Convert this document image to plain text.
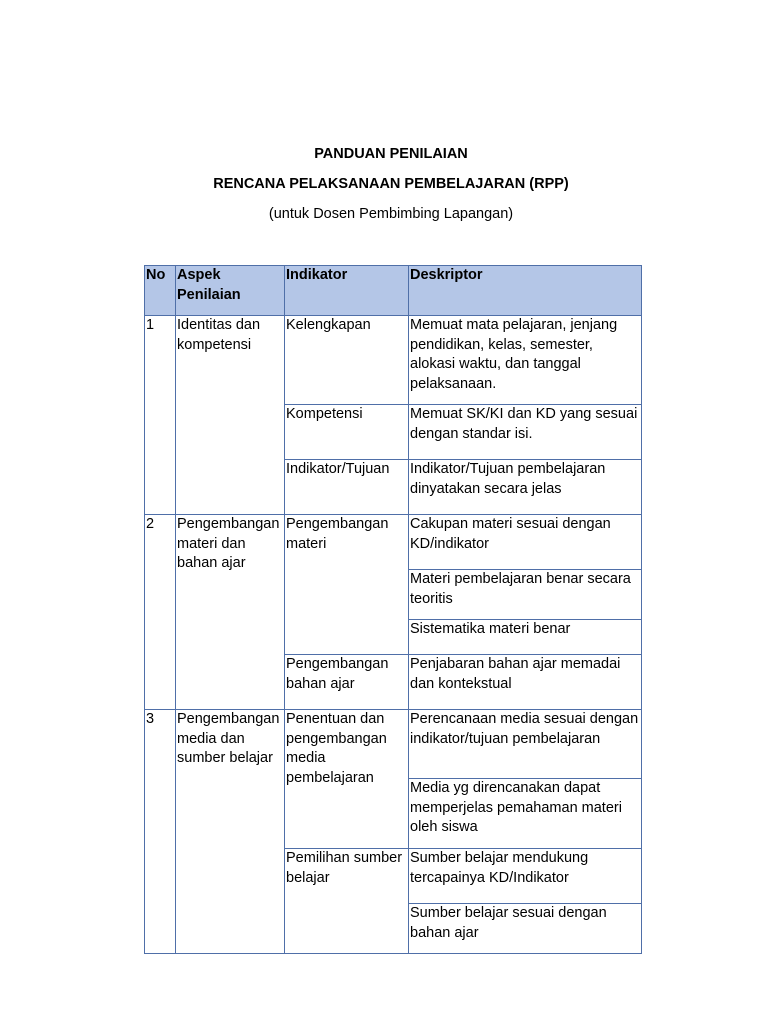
PANDUAN PENILAIAN
RENCANA PELAKSANAAN PEMBELAJARAN (RPP)
(untuk Dosen Pembimbing Lapangan)
No	Aspek Penilaian	Indikator	Deskriptor
1	Identitas dan kompetensi	Kelengkapan	Memuat mata pelajaran, jenjang pendidikan, kelas, semester, alokasi waktu, dan tanggal pelaksanaan.
		Kompetensi	Memuat SK/KI dan KD yang sesuai dengan standar isi.
		Indikator/Tujuan	Indikator/Tujuan pembelajaran dinyatakan secara jelas
2	Pengembangan materi dan bahan ajar	Pengembangan materi	Cakupan materi sesuai dengan KD/indikator
			Materi pembelajaran benar secara teoritis
			Sistematika materi benar
		Pengembangan bahan ajar	Penjabaran bahan ajar memadai dan kontekstual
3	Pengembangan media dan sumber belajar	Penentuan dan pengembangan media pembelajaran	Perencanaan media sesuai dengan indikator/tujuan pembelajaran
			Media yg direncanakan dapat memperjelas pemahaman materi oleh siswa
		Pemilihan sumber belajar	Sumber belajar mendukung tercapainya KD/Indikator
			Sumber belajar sesuai dengan bahan ajar
